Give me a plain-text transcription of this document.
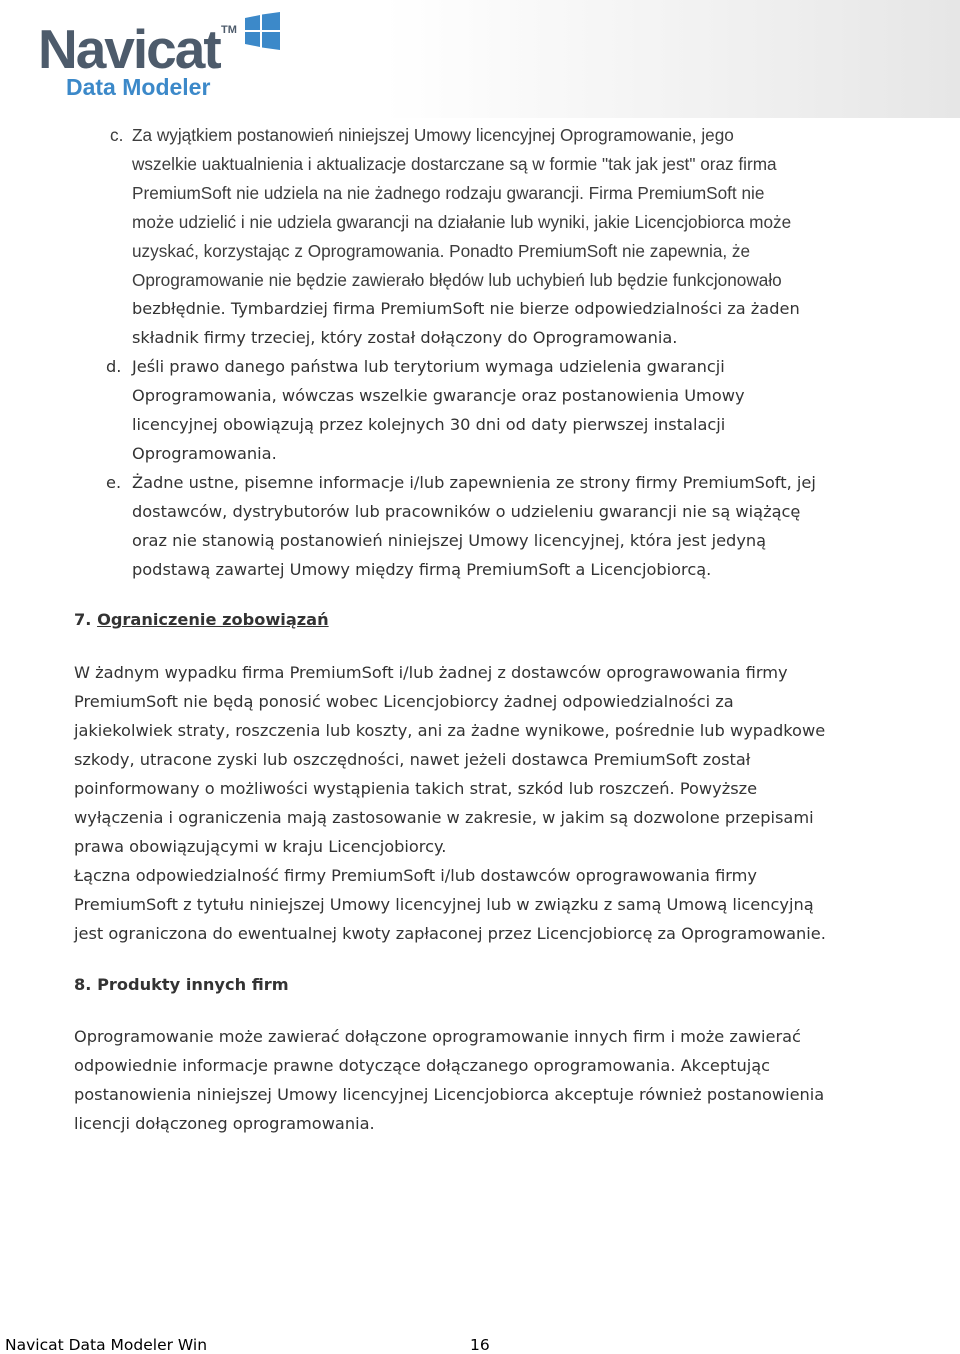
Navicat TM
Data Modeler
c. Za wyjątkiem postanowień niniejszej Umowy licencyjnej Oprogramowanie, jego
wszelkie uaktualnienia i aktualizacje dostarczane są w formie "tak jak jest" oraz firma
PremiumSoft nie udziela na nie żadnego rodzaju gwarancji. Firma PremiumSoft nie
może udzielić i nie udziela gwarancji na działanie lub wyniki, jakie Licencjobiorca może
uzyskać, korzystając z Oprogramowania. Ponadto PremiumSoft nie zapewnia, że
Oprogramowanie nie będzie zawierało błędów lub uchybień lub będzie funkcjonowało
bezbłędnie. Tymbardziej firma PremiumSoft nie bierze odpowiedzialności za żaden
składnik firmy trzeciej, który został dołączony do Oprogramowania.
d. Jeśli prawo danego państwa lub terytorium wymaga udzielenia gwarancji
Oprogramowania, wówczas wszelkie gwarancje oraz postanowienia Umowy
licencyjnej obowiązują przez kolejnych 30 dni od daty pierwszej instalacji
Oprogramowania.
e. Żadne ustne, pisemne informacje i/lub zapewnienia ze strony firmy PremiumSoft, jej
dostawców, dystrybutorów lub pracowników o udzieleniu gwarancji nie są wiążącę
oraz nie stanowią postanowień niniejszej Umowy licencyjnej, która jest jedyną
podstawą zawartej Umowy między firmą PremiumSoft a Licencjobiorcą.
7. Ograniczenie zobowiązań
W żadnym wypadku firma PremiumSoft i/lub żadnej z dostawców oprograwowania firmy
PremiumSoft nie będą ponosić wobec Licencjobiorcy żadnej odpowiedzialności za
jakiekolwiek straty, roszczenia lub koszty, ani za żadne wynikowe, pośrednie lub wypadkowe
szkody, utracone zyski lub oszczędności, nawet jeżeli dostawca PremiumSoft został
poinformowany o możliwości wystąpienia takich strat, szkód lub roszczeń. Powyższe
wyłączenia i ograniczenia mają zastosowanie w zakresie, w jakim są dozwolone przepisami
prawa obowiązującymi w kraju Licencjobiorcy.
Łączna odpowiedzialność firmy PremiumSoft i/lub dostawców oprograwowania firmy
PremiumSoft z tytułu niniejszej Umowy licencyjnej lub w związku z samą Umową licencyjną
jest ograniczona do ewentualnej kwoty zapłaconej przez Licencjobiorcę za Oprogramowanie.
8. Produkty innych firm
Oprogramowanie może zawierać dołączone oprogramowanie innych firm i może zawierać
odpowiednie informacje prawne dotyczące dołączanego oprogramowania. Akceptując
postanowienia niniejszej Umowy licencyjnej Licencjobiorca akceptuje również postanowienia
licencji dołączoneg oprogramowania.
Navicat Data Modeler Win	16
